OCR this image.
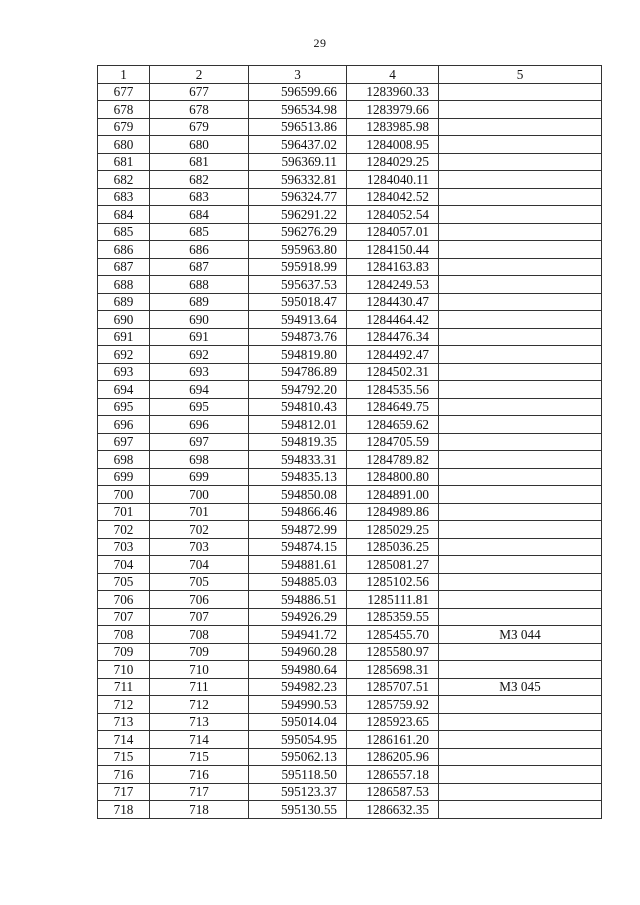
29
1	2	3	4	5
677	677	596599.66	1283960.33	
678	678	596534.98	1283979.66	
679	679	596513.86	1283985.98	
680	680	596437.02	1284008.95	
681	681	596369.11	1284029.25	
682	682	596332.81	1284040.11	
683	683	596324.77	1284042.52	
684	684	596291.22	1284052.54	
685	685	596276.29	1284057.01	
686	686	595963.80	1284150.44	
687	687	595918.99	1284163.83	
688	688	595637.53	1284249.53	
689	689	595018.47	1284430.47	
690	690	594913.64	1284464.42	
691	691	594873.76	1284476.34	
692	692	594819.80	1284492.47	
693	693	594786.89	1284502.31	
694	694	594792.20	1284535.56	
695	695	594810.43	1284649.75	
696	696	594812.01	1284659.62	
697	697	594819.35	1284705.59	
698	698	594833.31	1284789.82	
699	699	594835.13	1284800.80	
700	700	594850.08	1284891.00	
701	701	594866.46	1284989.86	
702	702	594872.99	1285029.25	
703	703	594874.15	1285036.25	
704	704	594881.61	1285081.27	
705	705	594885.03	1285102.56	
706	706	594886.51	1285111.81	
707	707	594926.29	1285359.55	
708	708	594941.72	1285455.70	МЗ 044
709	709	594960.28	1285580.97	
710	710	594980.64	1285698.31	
711	711	594982.23	1285707.51	МЗ 045
712	712	594990.53	1285759.92	
713	713	595014.04	1285923.65	
714	714	595054.95	1286161.20	
715	715	595062.13	1286205.96	
716	716	595118.50	1286557.18	
717	717	595123.37	1286587.53	
718	718	595130.55	1286632.35	
